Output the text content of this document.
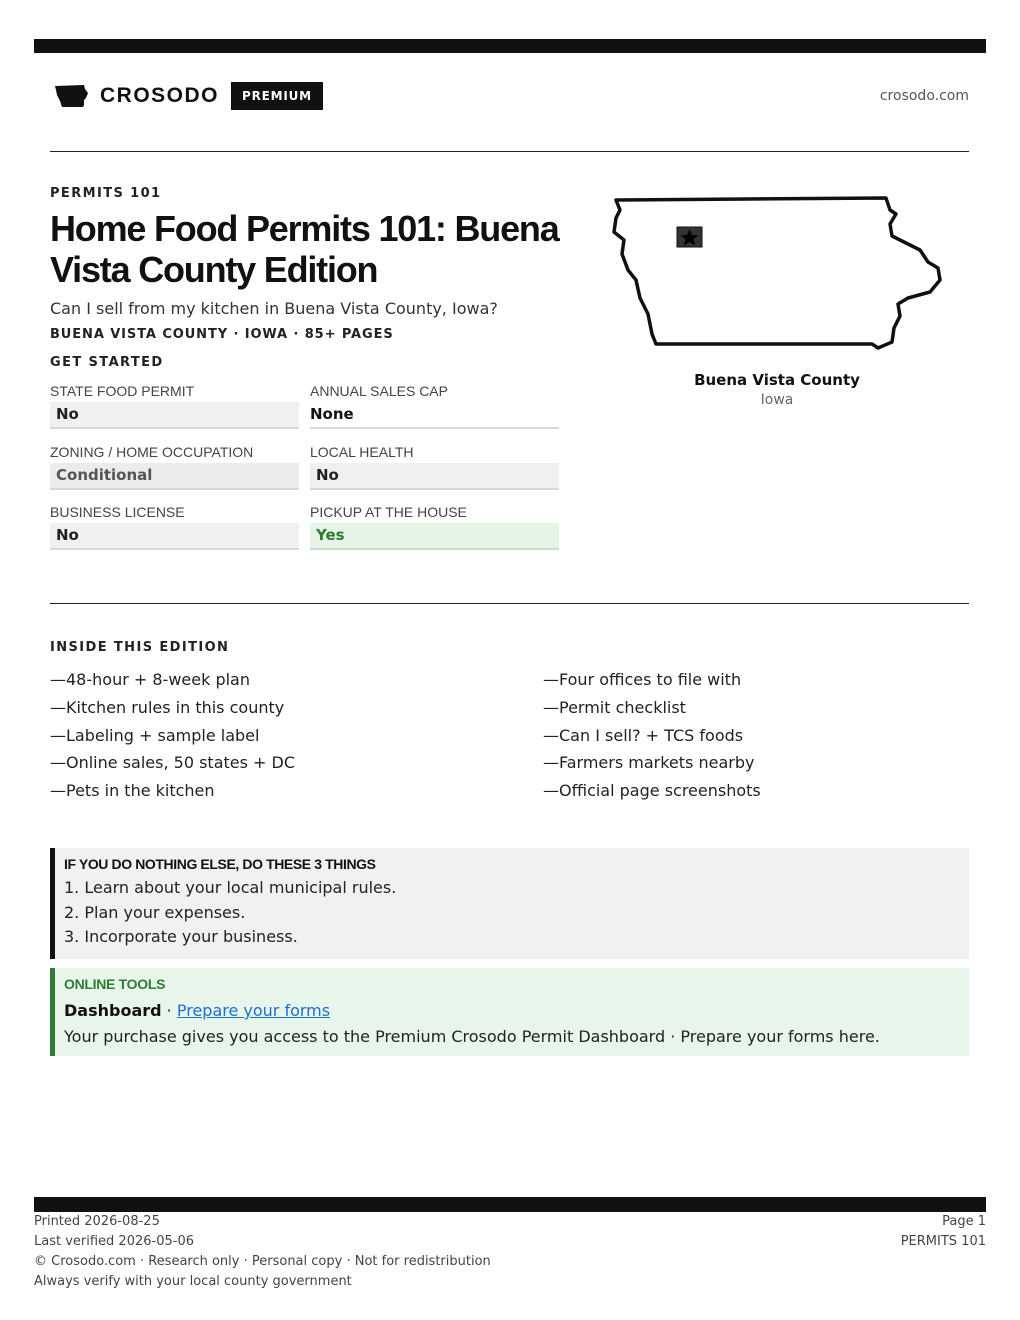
CROSODO	PREMIUM	crosodo.com
PERMITS 101
Home Food Permits 101: Buena Vista County Edition
Can I sell from my kitchen in Buena Vista County, Iowa?
BUENA VISTA COUNTY · IOWA · 85+ PAGES
GET STARTED
STATE FOOD PERMIT
No
ANNUAL SALES CAP
None
ZONING / HOME OCCUPATION
Conditional
LOCAL HEALTH
No
BUSINESS LICENSE
No
PICKUP AT THE HOUSE
Yes
Buena Vista County
Iowa
INSIDE THIS EDITION
—48-hour + 8-week plan
—Kitchen rules in this county
—Labeling + sample label
—Online sales, 50 states + DC
—Pets in the kitchen
—Four offices to file with
—Permit checklist
—Can I sell? + TCS foods
—Farmers markets nearby
—Official page screenshots
IF YOU DO NOTHING ELSE, DO THESE 3 THINGS
1. Learn about your local municipal rules.
2. Plan your expenses.
3. Incorporate your business.
ONLINE TOOLS
Dashboard · Prepare your forms
Your purchase gives you access to the Premium Crosodo Permit Dashboard · Prepare your forms here.
Printed 2026-08-25
Last verified 2026-05-06
© Crosodo.com · Research only · Personal copy · Not for redistribution
Always verify with your local county government
Page 1
PERMITS 101
